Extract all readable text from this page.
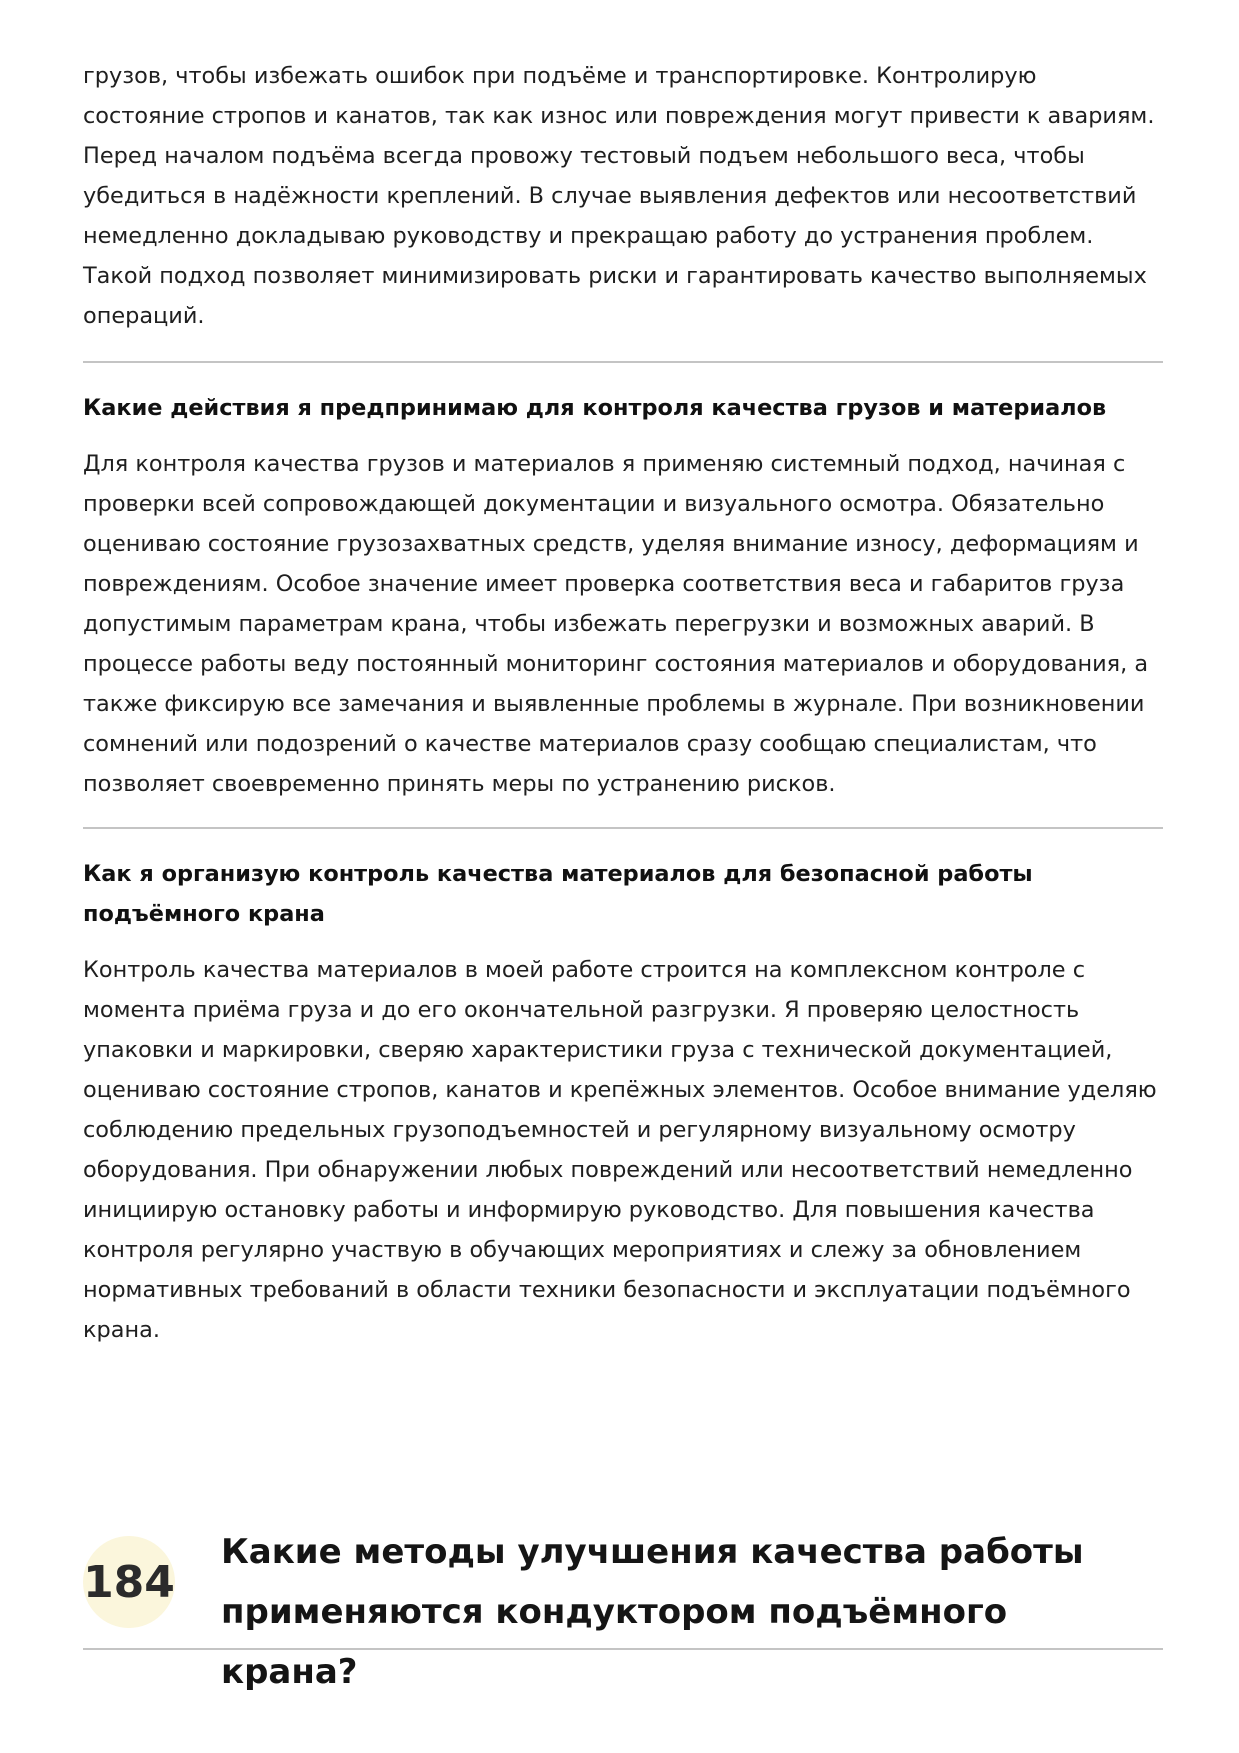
грузов, чтобы избежать ошибок при подъёме и транспортировке. Контролирую состояние стропов и канатов, так как износ или повреждения могут привести к авариям. Перед началом подъёма всегда провожу тестовый подъем небольшого веса, чтобы убедиться в надёжности креплений. В случае выявления дефектов или несоответствий немедленно докладываю руководству и прекращаю работу до устранения проблем. Такой подход позволяет минимизировать риски и гарантировать качество выполняемых операций.

Какие действия я предпринимаю для контроля качества грузов и материалов

Для контроля качества грузов и материалов я применяю системный подход, начиная с проверки всей сопровождающей документации и визуального осмотра. Обязательно оцениваю состояние грузозахватных средств, уделяя внимание износу, деформациям и повреждениям. Особое значение имеет проверка соответствия веса и габаритов груза допустимым параметрам крана, чтобы избежать перегрузки и возможных аварий. В процессе работы веду постоянный мониторинг состояния материалов и оборудования, а также фиксирую все замечания и выявленные проблемы в журнале. При возникновении сомнений или подозрений о качестве материалов сразу сообщаю специалистам, что позволяет своевременно принять меры по устранению рисков.

Как я организую контроль качества материалов для безопасной работы подъёмного крана

Контроль качества материалов в моей работе строится на комплексном контроле с момента приёма груза и до его окончательной разгрузки. Я проверяю целостность упаковки и маркировки, сверяю характеристики груза с технической документацией, оцениваю состояние стропов, канатов и крепёжных элементов. Особое внимание уделяю соблюдению предельных грузоподъемностей и регулярному визуальному осмотру оборудования. При обнаружении любых повреждений или несоответствий немедленно инициирую остановку работы и информирую руководство. Для повышения качества контроля регулярно участвую в обучающих мероприятиях и слежу за обновлением нормативных требований в области техники безопасности и эксплуатации подъёмного крана.

184
Какие методы улучшения качества работы применяются кондуктором подъёмного крана?
